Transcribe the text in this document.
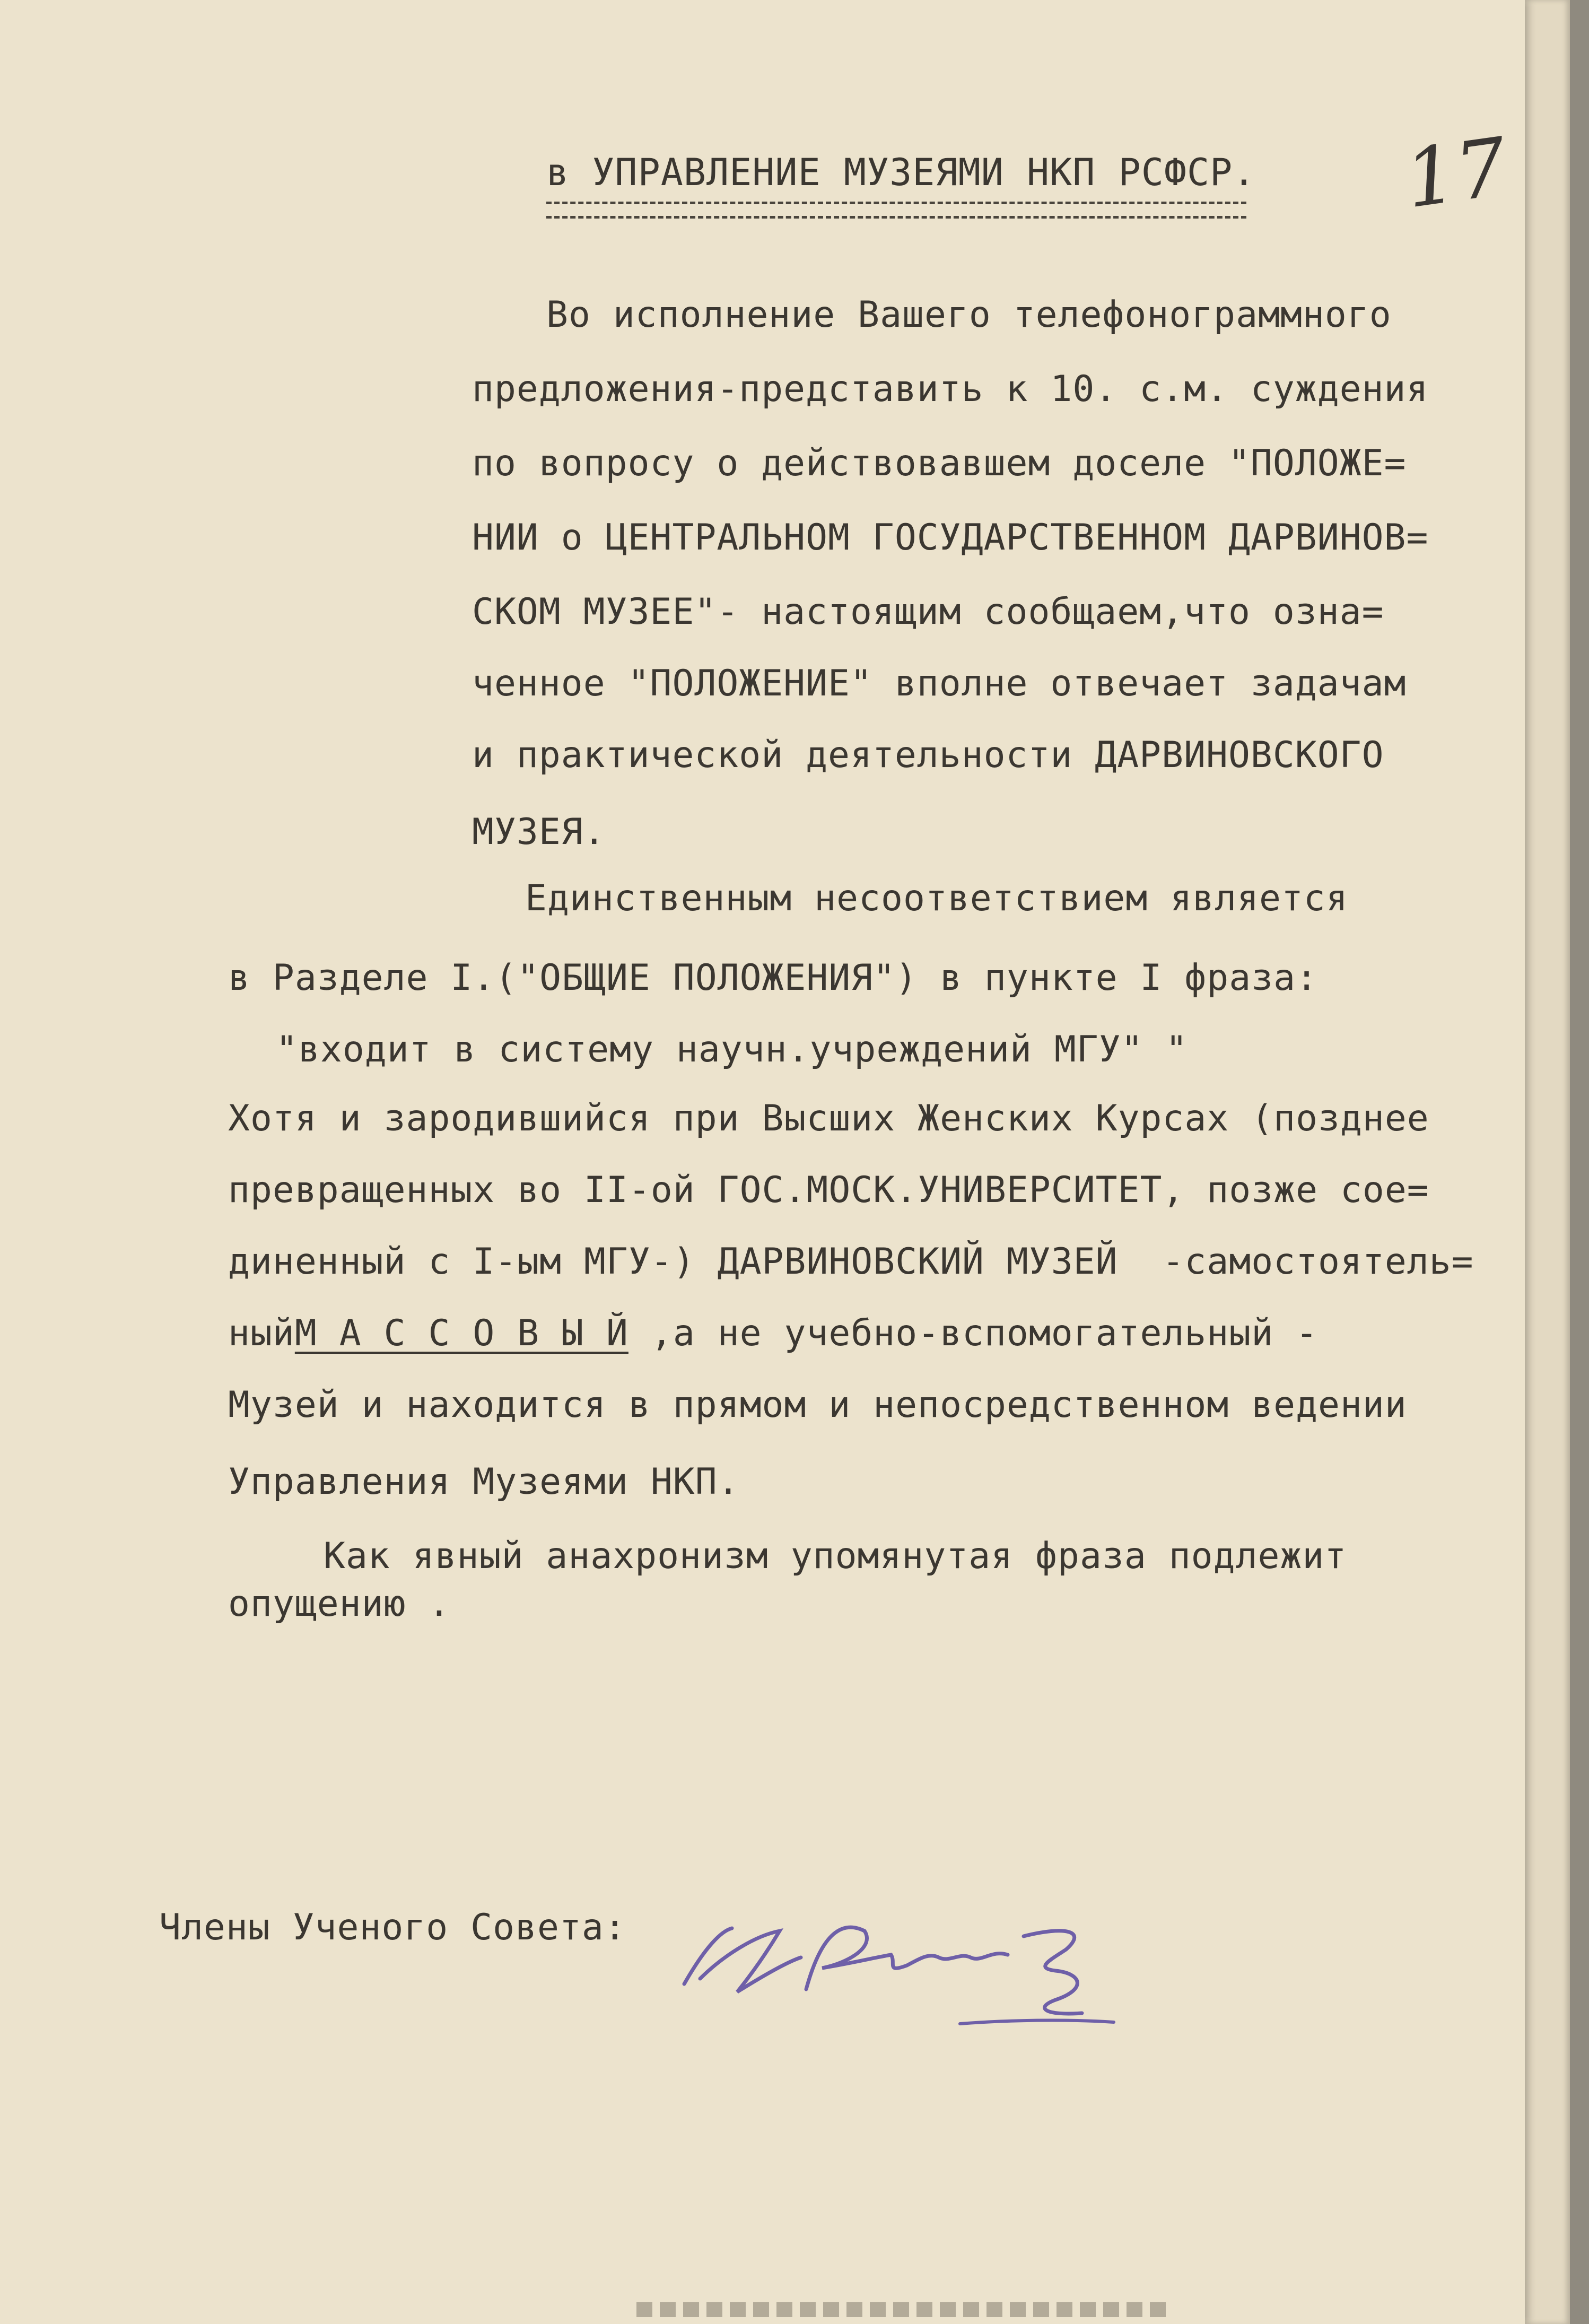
17

в УПРАВЛЕНИЕ МУЗЕЯМИ НКП РСФСР.

Во исполнение Вашего телефонограммного

предложения-представить к 10. с.м. суждения

по вопросу о действовавшем доселе "ПОЛОЖЕ=

НИИ о ЦЕНТРАЛЬНОМ ГОСУДАРСТВЕННОМ ДАРВИНОВ=

СКОМ МУЗЕЕ"- настоящим сообщаем,что озна=

ченное "ПОЛОЖЕНИЕ" вполне отвечает задачам

и практической деятельности ДАРВИНОВСКОГО

МУЗЕЯ.

Единственным несоответствием является

в Разделе I.("ОБЩИЕ ПОЛОЖЕНИЯ") в пункте I фраза:

"входит в систему научн.учреждений МГУ" "

Хотя и зародившийся при Высших Женских Курсах (позднее

превращенных во II-ой ГОС.МОСК.УНИВЕРСИТЕТ, позже сое=

диненный с I-ым МГУ-) ДАРВИНОВСКИЙ МУЗЕЙ  -самостоятель=

ныйМ А С С О В Ы Й ,а не учебно-вспомогательный -

Музей и находится в прямом и непосредственном ведении

Управления Музеями НКП.

Как явный анахронизм упомянутая фраза подлежит

опущению .

Члены Ученого Совета:
